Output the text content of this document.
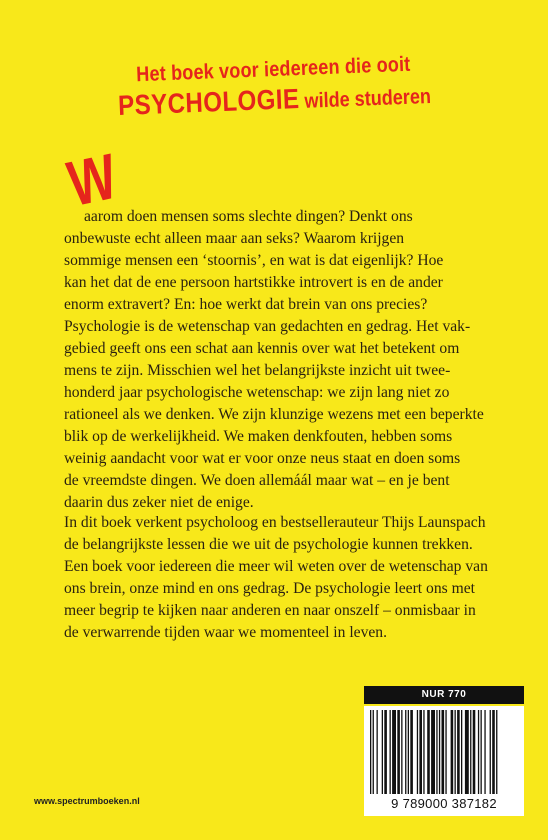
Het boek voor iedereen die ooit
PSYCHOLOGIE wilde studeren
W

aarom doen mensen soms slechte dingen? Denkt ons
onbewuste echt alleen maar aan seks? Waarom krijgen
sommige mensen een ‘stoornis’, en wat is dat eigenlijk? Hoe
kan het dat de ene persoon hartstikke introvert is en de ander
enorm extravert? En: hoe werkt dat brein van ons precies?

Psychologie is de wetenschap van gedachten en gedrag. Het vak-
gebied geeft ons een schat aan kennis over wat het betekent om
mens te zijn. Misschien wel het belangrijkste inzicht uit twee-
honderd jaar psychologische wetenschap: we zijn lang niet zo
rationeel als we denken. We zijn klunzige wezens met een beperkte
blik op de werkelijkheid. We maken denkfouten, hebben soms
weinig aandacht voor wat er voor onze neus staat en doen soms
de vreemdste dingen. We doen allemáál maar wat – en je bent
daarin dus zeker niet de enige.

In dit boek verkent psycholoog en bestsellerauteur Thijs Launspach
de belangrijkste lessen die we uit de psychologie kunnen trekken.
Een boek voor iedereen die meer wil weten over de wetenschap van
ons brein, onze mind en ons gedrag. De psychologie leert ons met
meer begrip te kijken naar anderen en naar onszelf – onmisbaar in
de verwarrende tijden waar we momenteel in leven.

NUR 770
9 789000 387182
www.spectrumboeken.nl
